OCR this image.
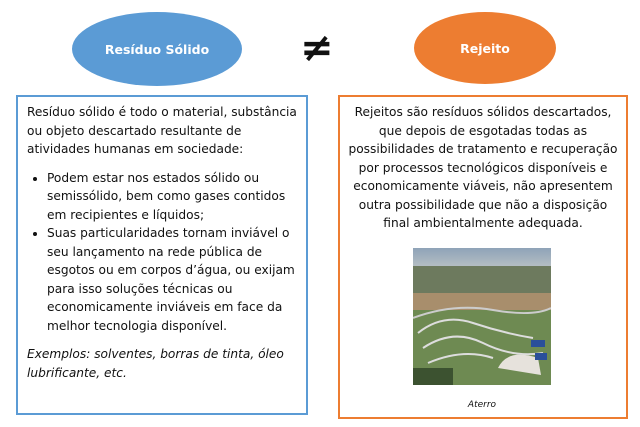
Resíduo Sólido ≠	Rejeito
Resíduo sólido é todo o material, substância ou objeto descartado resultante de atividades humanas em sociedade:
• Podem estar nos estados sólido ou semissólido, bem como gases contidos em recipientes e líquidos;
• Suas particularidades tornam inviável o seu lançamento na rede pública de esgotos ou em corpos d’água, ou exijam para isso soluções técnicas ou economicamente inviáveis em face da melhor tecnologia disponível.
Exemplos: solventes, borras de tinta, óleo lubrificante, etc.
Rejeitos são resíduos sólidos descartados, que depois de esgotadas todas as possibilidades de tratamento e recuperação por processos tecnológicos disponíveis e economicamente viáveis, não apresentem outra possibilidade que não a disposição final ambientalmente adequada.
Aterro
